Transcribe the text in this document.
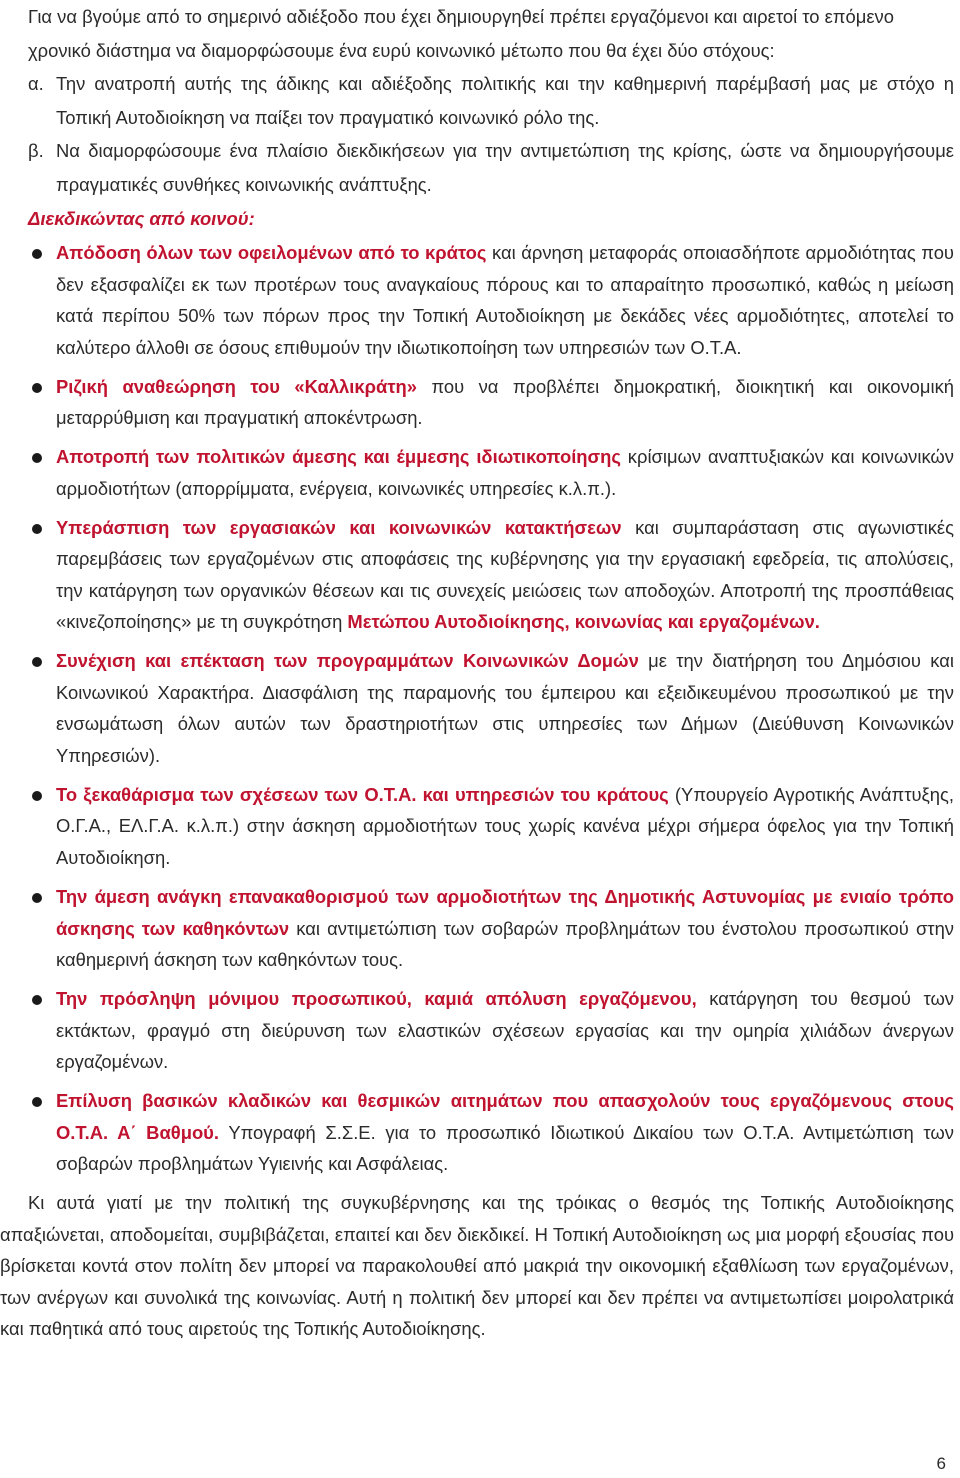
Για να βγούμε από το σημερινό αδιέξοδο που έχει δημιουργηθεί πρέπει εργαζόμενοι και αιρετοί το επόμενο χρονικό διάστημα να διαμορφώσουμε ένα ευρύ κοινωνικό μέτωπο που θα έχει δύο στόχους:

α. Την ανατροπή αυτής της άδικης και αδιέξοδης πολιτικής και την καθημερινή παρέμβασή μας με στόχο η Τοπική Αυτοδιοίκηση να παίξει τον πραγματικό κοινωνικό ρόλο της.
β. Να διαμορφώσουμε ένα πλαίσιο διεκδικήσεων για την αντιμετώπιση της κρίσης, ώστε να δημιουργήσουμε πραγματικές συνθήκες κοινωνικής ανάπτυξης.

Διεκδικώντας από κοινού:

Απόδοση όλων των οφειλομένων από το κράτος και άρνηση μεταφοράς οποιασδήποτε αρμοδιότητας που δεν εξασφαλίζει εκ των προτέρων τους αναγκαίους πόρους και το απαραίτητο προσωπικό, καθώς η μείωση κατά περίπου 50% των πόρων προς την Τοπική Αυτοδιοίκηση με δεκάδες νέες αρμοδιότητες, αποτελεί το καλύτερο άλλοθι σε όσους επιθυμούν την ιδιωτικοποίηση των υπηρεσιών των Ο.Τ.Α.
Ριζική αναθεώρηση του «Καλλικράτη» που να προβλέπει δημοκρατική, διοικητική και οικονομική μεταρρύθμιση και πραγματική αποκέντρωση.
Αποτροπή των πολιτικών άμεσης και έμμεσης ιδιωτικοποίησης κρίσιμων αναπτυξιακών και κοινωνικών αρμοδιοτήτων (απορρίμματα, ενέργεια, κοινωνικές υπηρεσίες κ.λ.π.).
Υπεράσπιση των εργασιακών και κοινωνικών κατακτήσεων και συμπαράσταση στις αγωνιστικές παρεμβάσεις των εργαζομένων στις αποφάσεις της κυβέρνησης για την εργασιακή εφεδρεία, τις απολύσεις, την κατάργηση των οργανικών θέσεων και τις συνεχείς μειώσεις των αποδοχών. Αποτροπή της προσπάθειας «κινεζοποίησης» με τη συγκρότηση Μετώπου Αυτοδιοίκησης, κοινωνίας και εργαζομένων.
Συνέχιση και επέκταση των προγραμμάτων Κοινωνικών Δομών με την διατήρηση του Δημόσιου και Κοινωνικού Χαρακτήρα. Διασφάλιση της παραμονής του έμπειρου και εξειδικευμένου προσωπικού με την ενσωμάτωση όλων αυτών των δραστηριοτήτων στις υπηρεσίες των Δήμων (Διεύθυνση Κοινωνικών Υπηρεσιών).
Το ξεκαθάρισμα των σχέσεων των Ο.Τ.Α. και υπηρεσιών του κράτους (Υπουργείο Αγροτικής Ανάπτυξης, Ο.Γ.Α., ΕΛ.Γ.Α. κ.λ.π.) στην άσκηση αρμοδιοτήτων τους χωρίς κανένα μέχρι σήμερα όφελος για την Τοπική Αυτοδιοίκηση.
Την άμεση ανάγκη επανακαθορισμού των αρμοδιοτήτων της Δημοτικής Αστυνομίας με ενιαίο τρόπο άσκησης των καθηκόντων και αντιμετώπιση των σοβαρών προβλημάτων του ένστολου προσωπικού στην καθημερινή άσκηση των καθηκόντων τους.
Την πρόσληψη μόνιμου προσωπικού, καμιά απόλυση εργαζόμενου, κατάργηση του θεσμού των εκτάκτων, φραγμό στη διεύρυνση των ελαστικών σχέσεων εργασίας και την ομηρία χιλιάδων άνεργων εργαζομένων.
Επίλυση βασικών κλαδικών και θεσμικών αιτημάτων που απασχολούν τους εργαζόμενους στους Ο.Τ.Α. Α΄ Βαθμού. Υπογραφή Σ.Σ.Ε. για το προσωπικό Ιδιωτικού Δικαίου των Ο.Τ.Α. Αντιμετώπιση των σοβαρών προβλημάτων Υγιεινής και Ασφάλειας.

Κι αυτά γιατί με την πολιτική της συγκυβέρνησης και της τρόικας ο θεσμός της Τοπικής Αυτοδιοίκησης απαξιώνεται, αποδομείται, συμβιβάζεται, επαιτεί και δεν διεκδικεί. Η Τοπική Αυτοδιοίκηση ως μια μορφή εξουσίας που βρίσκεται κοντά στον πολίτη δεν μπορεί να παρακολουθεί από μακριά την οικονομική εξαθλίωση των εργαζομένων, των ανέργων και συνολικά της κοινωνίας. Αυτή η πολιτική δεν μπορεί και δεν πρέπει να αντιμετωπίσει μοιρολατρικά και παθητικά από τους αιρετούς της Τοπικής Αυτοδιοίκησης.

6
